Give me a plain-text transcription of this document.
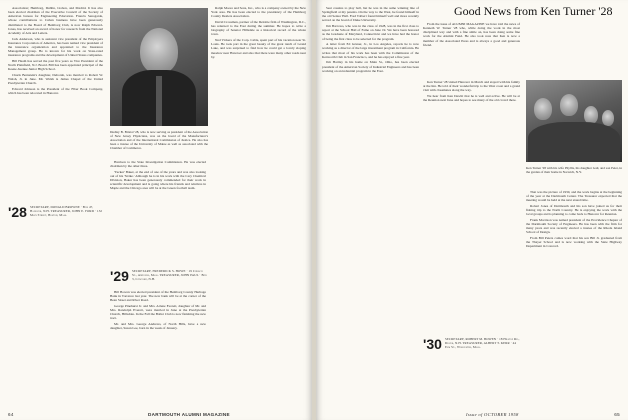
Association; Hemborg, Dublin, Lisbon, and Madrid. It has also been elected chairman of the Executive Council of the Society of American bureau for Engineering Education. Francis Senogarde, whose contributions to Cuban business have been generously distributed to the Board of Hemborg Club, is now Ralph Edward-Jones, has received an award of honor for research from the National Academy of Arts and Letters.

Jack Anderson, who is assistant vice president of the Employers Insurance Corporation of America, has been named vice president of the insurance organization and appointed to the Insurance Management group. He is known for his work on State-rated insurance programs and the development of United States companies.

Bill Heath has served the past five years as Vice President of the North Plainfield, N.J. Board. Bill has been appointed principal of the Keene Avenue Junior High School.

Chuck Bernstein's daughter, Deborah, was married to Robert W. Walsh, Jr. in June. Mr. Walsh is James Chapel of the United Presbyterian Church.

Edward Johnson is the President of the Fiber Book Company, which has been relocated in Hanover.

'28 SECRETARY, DONALD BROWNE · Box 47, Hanover, N.H. TREASURER, JOHN E. FORD · 132 Main Street, Boston, Mass.
Dudley B. Bristol '28, who is now serving as president of the Association of New Jersey Physicians, was on the board of the Manufacturer's Association and of the International Commission of Justice. He also has been a trustee of the University of Maine as well as associated with the Chamber of Commerce.

Harrison to the State Investigation Commission. He was elected chairman by the other three.

'Tucker' Baker, at the end of one of the years and was also looking out of his 'Strike.' Although he is in his work with the Cary Chemical Division, Baker has been generously commended for their work in scientific development and is going where his friends and relatives in Maple and the Chicago area will be at the Green football team.

'29 SECRETARY, FREDERICK S. HOWE · 19 Church St., Andover, Mass. TREASURER, JOHN PAUL · Box 3, Concord, N.H.

Bill Bowen was elected president of the Hemborg County Heritage Bank in Torrance last year. The new bank will be at the corner of the Bean Street and River Road.

George Pinehurst Jr. and Mrs. Arlene Everett, daughter of Mr. and Mrs. Randolph Everett, were married in June at the Presbyterian Church, Hillsdale. In the Fall the Ballot Club is now finishing the new tract.

Mr. and Mrs. George Andrews, of North Hills, have a new daughter, Susan Lee, born in the week of January.

Ralph Moore and Sons, Inc., who is a company owned by the New York area. He has been elected to the presidency of the Hemborg County Dealers Association.

David Crossman, partner of the Deloitte firm of Washington, D.C., has returned to the East during the summer. He hopes to write a biography of Senator Hillsdale as a historical record of the whole town.

Ned Vickers of the Corp. Cable, spent part of his vacation near St. Louis. He took part in the great beauty of the great ranch of Grand Lake, and was surprised to find how he could get a lovely sloping meadow near Hanover and also that there were many other roads near by.

64	DARTMOUTH ALUMNI MAGAZINE

Seat cousins to play ball, but he was in the same winning line of Springfield at my parents. On the way to the West, he found himself in the old Senior Hall. Fred Tolbert found himself well and more recently served on the board of Duke University.

Jim Barrows, who was in the class of 1928, was in the first class to report at the School Hall of Fame on June 19. We have been honored as the Graduate of Maryland, Connecticut and we have had the honor of being the first class to be selected for the program.

A letter from Ed Gruner, Jr., in Los Angeles, reports he is now working as a director of the large investment program in California. He writes that most of his work has been with the Commission of the Kenworth Club in San Francisco, and he has enjoyed a fine year.

Jim Hartley in his home on Main St., Ohio, has been elected president of the American Society of Industrial Engineers and has been working on an industrial program in the East.

Good News from Ken Turner '28

From the issue of ALUMNI MAGAZINE we have told the news of Kenneth W. Turner '28 who, while doing the work in the most disciplined way and with a fine smile on, has been doing some fine work for the Alumni Fund. He also took note that Ken is now a member of the Associated Press and is always a good and generous friend.

Ken Turner '28 with his wife Phyllis, his daughter Gail, and son Peter, in the garden of their home in Norwich, N.Y.

Ken Turner '28 visited Hanover in March and stayed with his family at the Inn. He told of their wonderful trip to the West coast and a grand visit with classmates along the way.

We hear from Ken Dewitt that he is well and active. He will be at the Reunion next June and hopes to see many of the old crowd there.

'30 SECRETARY, ROBERT M. BOWEN · 18 Hilltop Rd., Dover, N.H. TREASURER, ALBERT T. KERR · 44 Elm St., Worcester, Mass.

That was the picture of 1930, and the work begins at the beginning of the year at the Dartmouth Center. The Treasurer expected that the meeting would be held at the next stated time.

Robert Jones of Dartmouth and his son have joined us for their fishing trip to the North Country. He is enjoying the work with the local groups and is planning to come back to Hanover for Reunion.

Frank Morrison was named president of the Providence Chapter of the Dartmouth Society of Engineers. He has been with the firm for many years and was recently elected a trustee of the Rhode Island School of Design.

From Bill Peters comes word that his son Bill Jr. graduated from the Thayer School and is now working with the State Highway Department in Concord.

Issue of OCTOBER 1958	65
